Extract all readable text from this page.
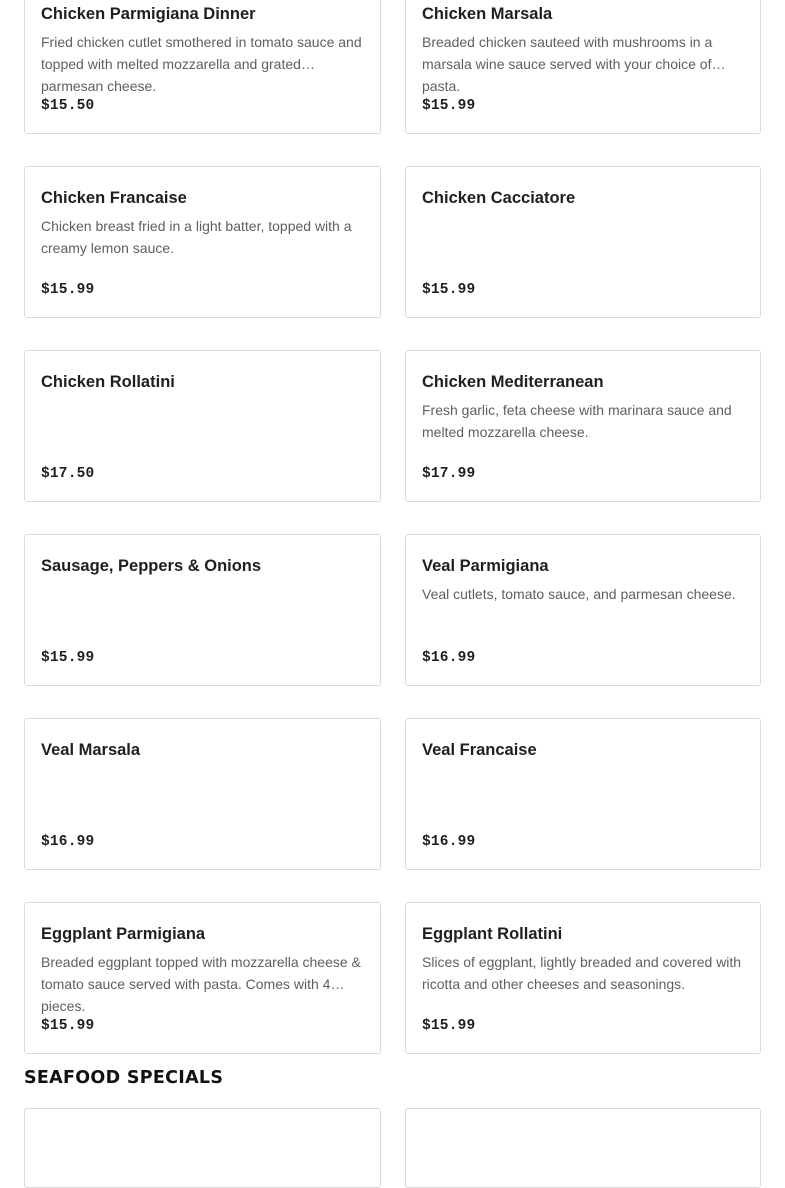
Chicken Parmigiana Dinner
Fried chicken cutlet smothered in tomato sauce and topped with melted mozzarella and grated parmesan cheese.
$15.50
Chicken Marsala
Breaded chicken sauteed with mushrooms in a marsala wine sauce served with your choice of pasta.
$15.99
Chicken Francaise
Chicken breast fried in a light batter, topped with a creamy lemon sauce.
$15.99
Chicken Cacciatore
$15.99
Chicken Rollatini
$17.50
Chicken Mediterranean
Fresh garlic, feta cheese with marinara sauce and melted mozzarella cheese.
$17.99
Sausage, Peppers & Onions
$15.99
Veal Parmigiana
Veal cutlets, tomato sauce, and parmesan cheese.
$16.99
Veal Marsala
$16.99
Veal Francaise
$16.99
Eggplant Parmigiana
Breaded eggplant topped with mozzarella cheese & tomato sauce served with pasta. Comes with 4 pieces.
$15.99
Eggplant Rollatini
Slices of eggplant, lightly breaded and covered with ricotta and other cheeses and seasonings.
$15.99
SEAFOOD SPECIALS
